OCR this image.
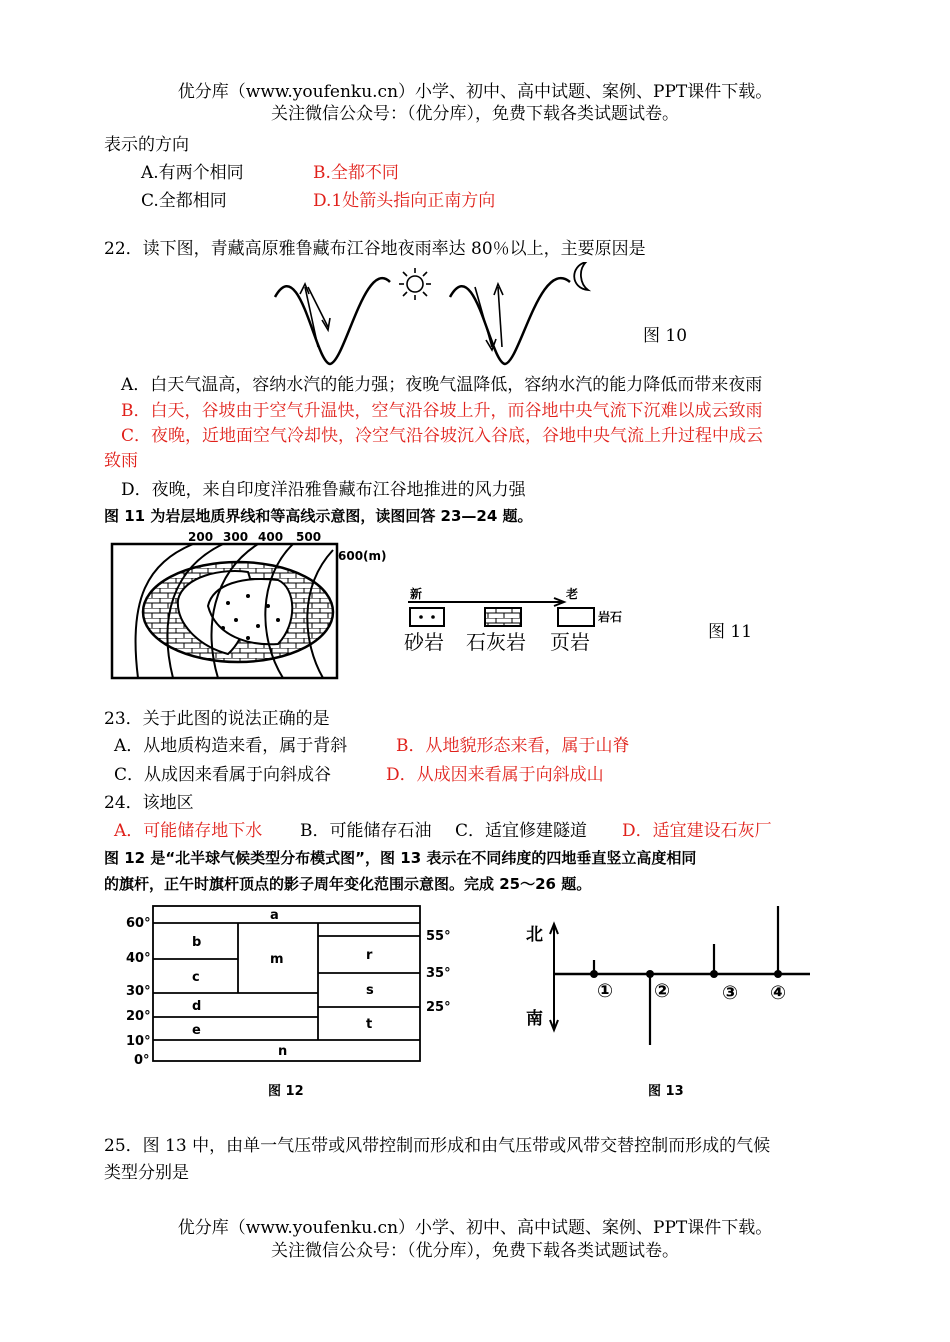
优分库（www.youfenku.cn）小学、初中、高中试题、案例、PPT课件下载。
关注微信公众号：（优分库），免费下载各类试题试卷。
表示的方向
A.有两个相同	B.全都不同
C.全都相同	D.1处箭头指向正南方向
22．读下图，青藏高原雅鲁藏布江谷地夜雨率达 80％以上，主要原因是
图 10
A．白天气温高，容纳水汽的能力强；夜晚气温降低，容纳水汽的能力降低而带来夜雨
B．白天，谷坡由于空气升温快，空气沿谷坡上升，而谷地中央气流下沉难以成云致雨
C．夜晚，近地面空气冷却快，冷空气沿谷坡沉入谷底，谷地中央气流上升过程中成云
致雨
D．夜晚，来自印度洋沿雅鲁藏布江谷地推进的风力强
图 11 为岩层地质界线和等高线示意图，读图回答 23—24 题。
200 300 400 500
600(m)
新	老
岩石
砂岩 石灰岩 页岩	图 11
23．关于此图的说法正确的是
A．从地质构造来看，属于背斜	B．从地貌形态来看，属于山脊
C．从成因来看属于向斜成谷	D．从成因来看属于向斜成山
24．该地区
A．可能储存地下水 B．可能储存石油 C．适宜修建隧道 D．适宜建设石灰厂
图 12 是“北半球气候类型分布模式图”，图 13 表示在不同纬度的四地垂直竖立高度相同
的旗杆，正午时旗杆顶点的影子周年变化范围示意图。完成 25～26 题。
60°
40°
30°
20°
10°
0°
55°
35°
25°
a
b
c
m
d
e
r
s
t
n
图 12
北
南
① ②	③ ④
图 13
25．图 13 中，由单一气压带或风带控制而形成和由气压带或风带交替控制而形成的气候
类型分别是
优分库（www.youfenku.cn）小学、初中、高中试题、案例、PPT课件下载。
关注微信公众号：（优分库），免费下载各类试题试卷。
